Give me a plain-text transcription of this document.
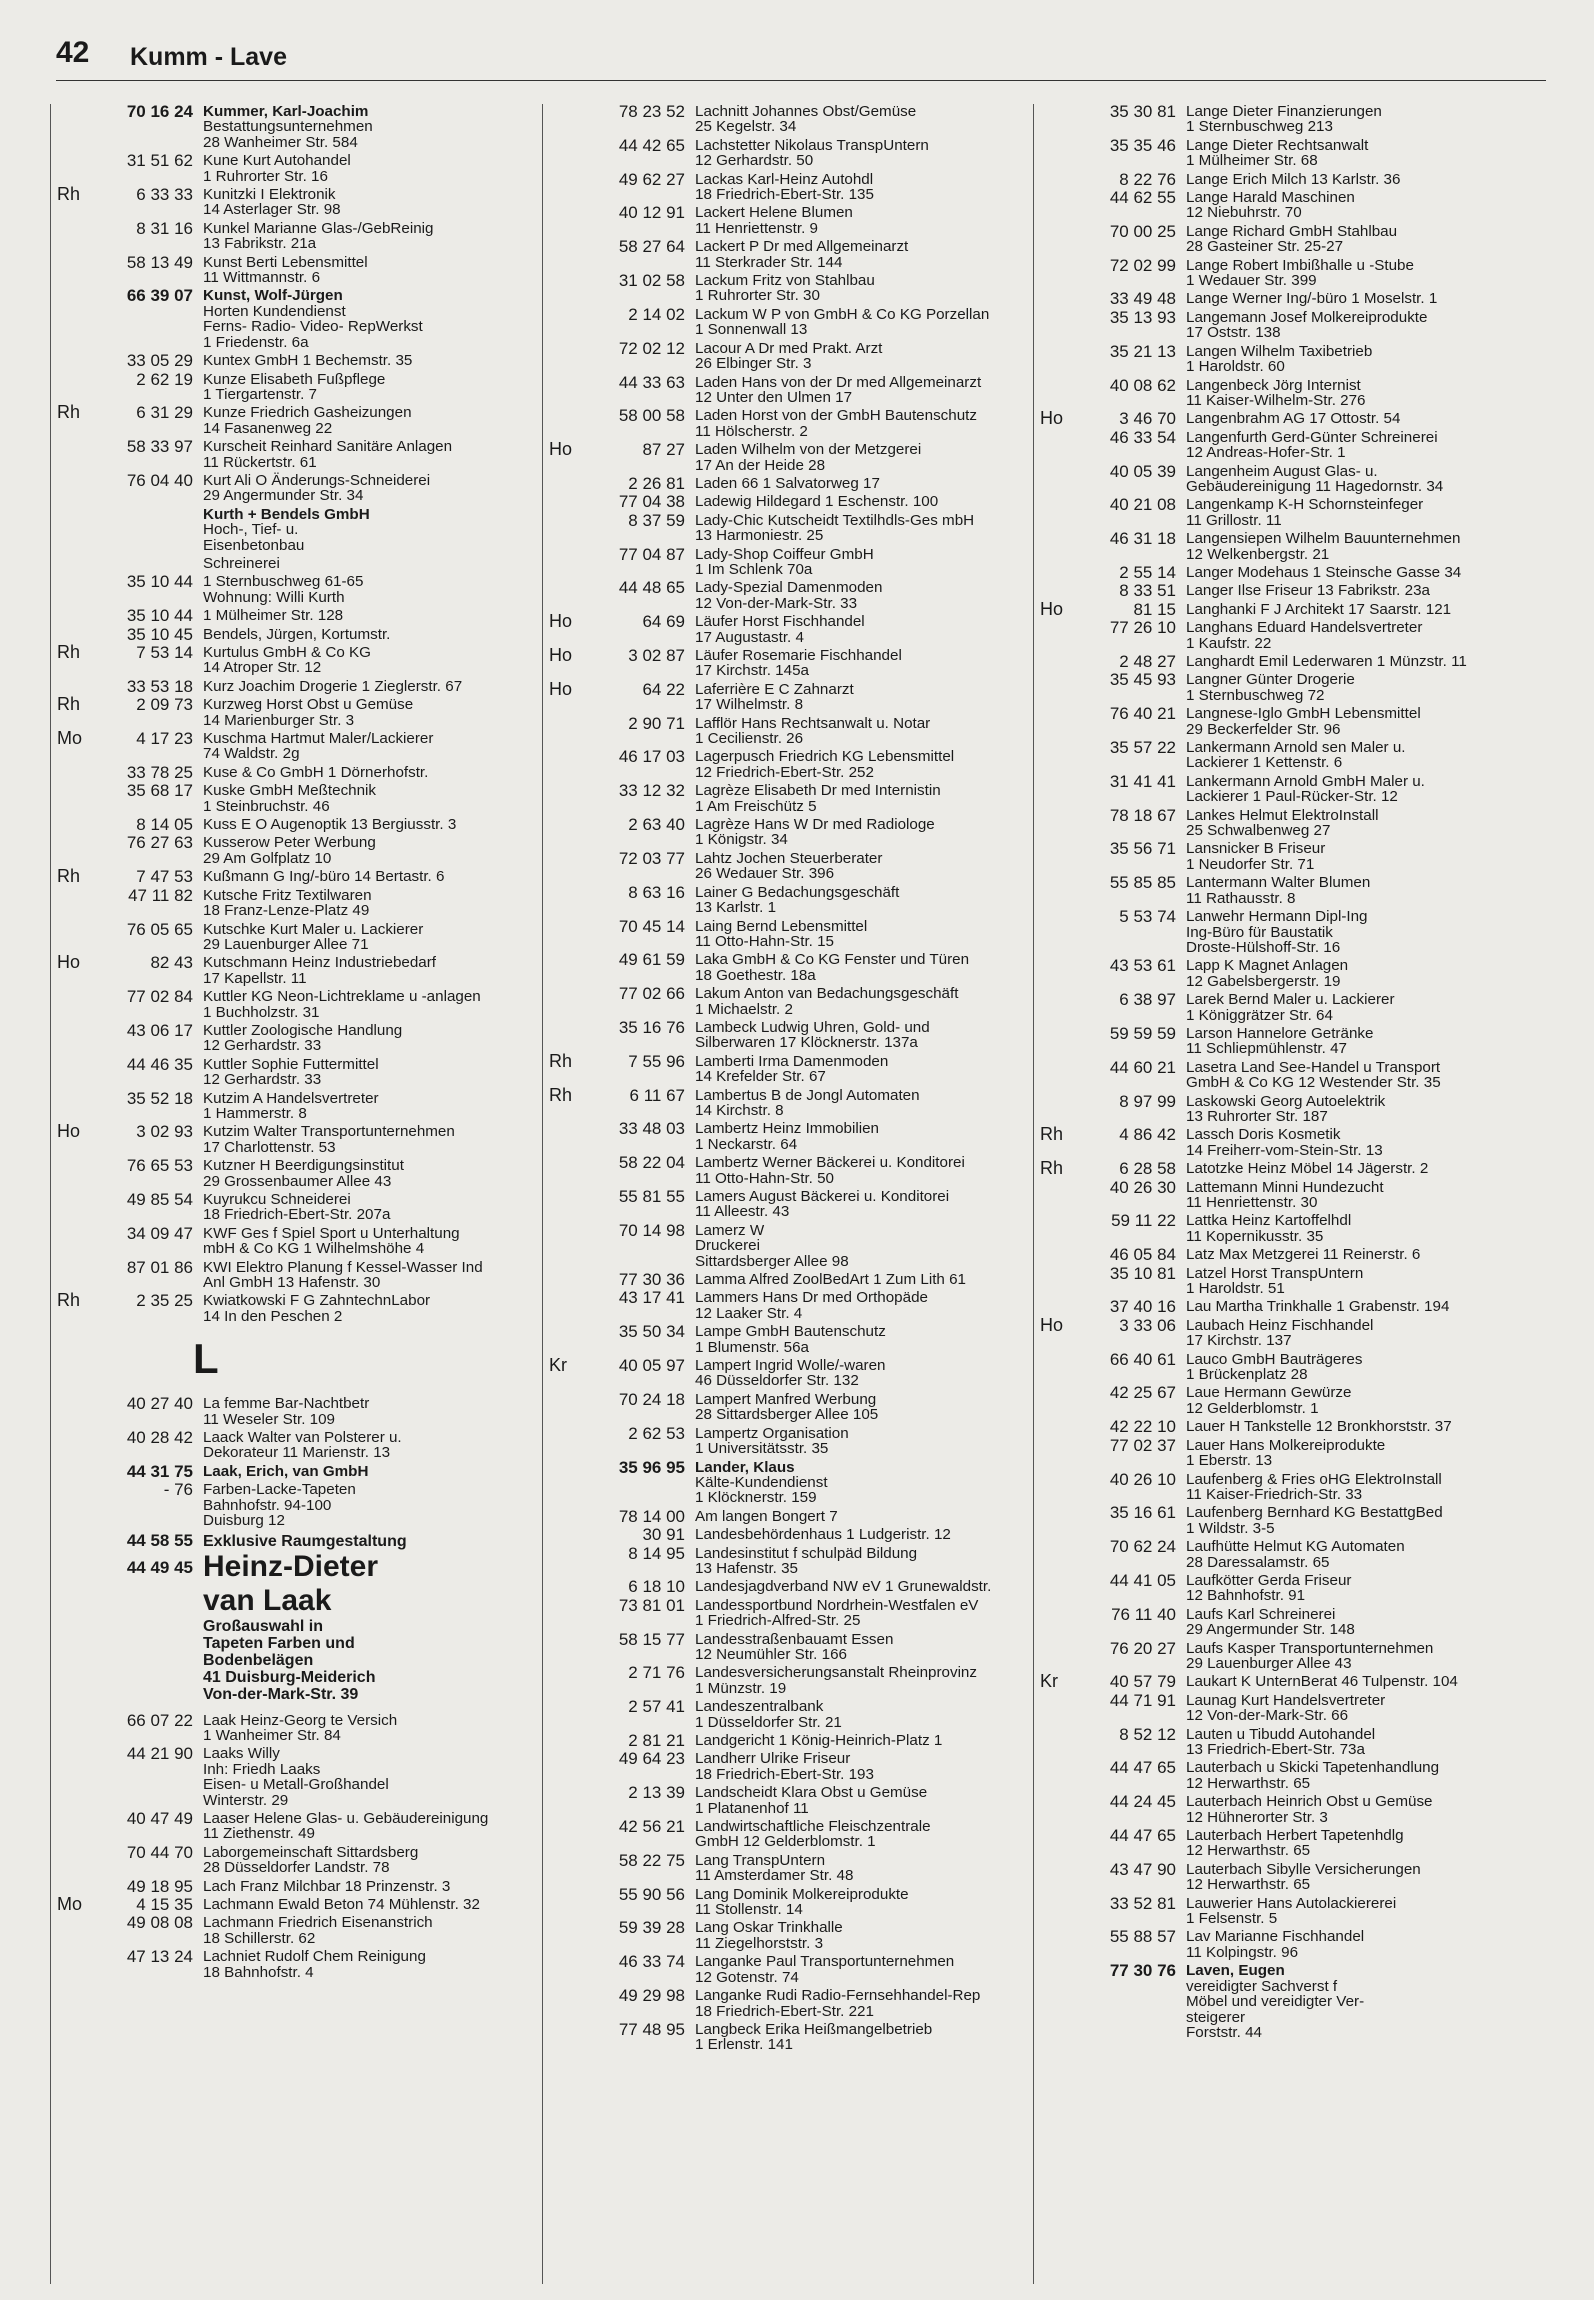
42 Kumm - Lave
70 16 24 Kummer, Karl-Joachim
Bestattungsunternehmen
28 Wanheimer Str. 584
31 51 62 Kune Kurt Autohandel
1 Ruhrorter Str. 16
Rh	6 33 33 Kunitzki I Elektronik
14 Asterlager Str. 98
8 31 16 Kunkel Marianne Glas-/GebReinig
13 Fabrikstr. 21a
58 13 49 Kunst Berti Lebensmittel
11 Wittmannstr. 6
66 39 07 Kunst, Wolf-Jürgen
Horten Kundendienst
Ferns- Radio- Video- RepWerkst
1 Friedenstr. 6a
33 05 29 Kuntex GmbH 1 Bechemstr. 35
2 62 19 Kunze Elisabeth Fußpflege
1 Tiergartenstr. 7
Rh	6 31 29 Kunze Friedrich Gasheizungen
14 Fasanenweg 22
58 33 97 Kurscheit Reinhard Sanitäre Anlagen
11 Rückertstr. 61
76 04 40 Kurt Ali O Änderungs-Schneiderei
29 Angermunder Str. 34
Kurth + Bendels GmbH
Hoch-, Tief- u.
Eisenbetonbau
Schreinerei
35 10 44 1 Sternbuschweg 61-65
Wohnung: Willi Kurth
35 10 44 1 Mülheimer Str. 128
35 10 45 Bendels, Jürgen, Kortumstr.
Rh	7 53 14 Kurtulus GmbH & Co KG
14 Atroper Str. 12
33 53 18 Kurz Joachim Drogerie 1 Zieglerstr. 67
Rh	2 09 73 Kurzweg Horst Obst u Gemüse
14 Marienburger Str. 3
Mo	4 17 23 Kuschma Hartmut Maler/Lackierer
74 Waldstr. 2g
33 78 25 Kuse & Co GmbH 1 Dörnerhofstr.
35 68 17 Kuske GmbH Meßtechnik
1 Steinbruchstr. 46
8 14 05 Kuss E O Augenoptik 13 Bergiusstr. 3
76 27 63 Kusserow Peter Werbung
29 Am Golfplatz 10
Rh	7 47 53 Kußmann G Ing/-büro 14 Bertastr. 6
47 11 82 Kutsche Fritz Textilwaren
18 Franz-Lenze-Platz 49
76 05 65 Kutschke Kurt Maler u. Lackierer
29 Lauenburger Allee 71
Ho	82 43 Kutschmann Heinz Industriebedarf
17 Kapellstr. 11
77 02 84 Kuttler KG Neon-Lichtreklame u -anlagen
1 Buchholzstr. 31
43 06 17 Kuttler Zoologische Handlung
12 Gerhardstr. 33
44 46 35 Kuttler Sophie Futtermittel
12 Gerhardstr. 33
35 52 18 Kutzim A Handelsvertreter
1 Hammerstr. 8
Ho	3 02 93 Kutzim Walter Transportunternehmen
17 Charlottenstr. 53
76 65 53 Kutzner H Beerdigungsinstitut
29 Grossenbaumer Allee 43
49 85 54 Kuyrukcu Schneiderei
18 Friedrich-Ebert-Str. 207a
34 09 47 KWF Ges f Spiel Sport u Unterhaltung
mbH & Co KG 1 Wilhelmshöhe 4
87 01 86 KWI Elektro Planung f Kessel-Wasser Ind
Anl GmbH 13 Hafenstr. 30
Rh	2 35 25 Kwiatkowski F G ZahntechnLabor
14 In den Peschen 2
L
40 27 40 La femme Bar-Nachtbetr
11 Weseler Str. 109
40 28 42 Laack Walter van Polsterer u.
Dekorateur 11 Marienstr. 13
44 31 75 Laak, Erich, van GmbH
- 76 Farben-Lacke-Tapeten
Bahnhofstr. 94-100
Duisburg 12
44 58 55 Exklusive Raumgestaltung
44 49 45 Heinz-Dieter
van Laak
Großauswahl in
Tapeten Farben und
Bodenbelägen
41 Duisburg-Meiderich
Von-der-Mark-Str. 39
66 07 22 Laak Heinz-Georg te Versich
1 Wanheimer Str. 84
44 21 90 Laaks Willy
Inh: Friedh Laaks
Eisen- u Metall-Großhandel
Winterstr. 29
40 47 49 Laaser Helene Glas- u. Gebäudereinigung
11 Ziethenstr. 49
70 44 70 Laborgemeinschaft Sittardsberg
28 Düsseldorfer Landstr. 78
49 18 95 Lach Franz Milchbar 18 Prinzenstr. 3
Mo	4 15 35 Lachmann Ewald Beton 74 Mühlenstr. 32
49 08 08 Lachmann Friedrich Eisenanstrich
18 Schillerstr. 62
47 13 24 Lachniet Rudolf Chem Reinigung
18 Bahnhofstr. 4
78 23 52 Lachnitt Johannes Obst/Gemüse
25 Kegelstr. 34
44 42 65 Lachstetter Nikolaus TranspUntern
12 Gerhardstr. 50
49 62 27 Lackas Karl-Heinz Autohdl
18 Friedrich-Ebert-Str. 135
40 12 91 Lackert Helene Blumen
11 Henriettenstr. 9
58 27 64 Lackert P Dr med Allgemeinarzt
11 Sterkrader Str. 144
31 02 58 Lackum Fritz von Stahlbau
1 Ruhrorter Str. 30
2 14 02 Lackum W P von GmbH & Co KG Porzellan
1 Sonnenwall 13
72 02 12 Lacour A Dr med Prakt. Arzt
26 Elbinger Str. 3
44 33 63 Laden Hans von der Dr med Allgemeinarzt
12 Unter den Ulmen 17
58 00 58 Laden Horst von der GmbH Bautenschutz
11 Hölscherstr. 2
Ho	87 27 Laden Wilhelm von der Metzgerei
17 An der Heide 28
2 26 81 Laden 66 1 Salvatorweg 17
77 04 38 Ladewig Hildegard 1 Eschenstr. 100
8 37 59 Lady-Chic Kutscheidt Textilhdls-Ges mbH
13 Harmoniestr. 25
77 04 87 Lady-Shop Coiffeur GmbH
1 Im Schlenk 70a
44 48 65 Lady-Spezial Damenmoden
12 Von-der-Mark-Str. 33
Ho	64 69 Läufer Horst Fischhandel
17 Augustastr. 4
Ho	3 02 87 Läufer Rosemarie Fischhandel
17 Kirchstr. 145a
Ho	64 22 Laferrière E C Zahnarzt
17 Wilhelmstr. 8
2 90 71 Lafflör Hans Rechtsanwalt u. Notar
1 Cecilienstr. 26
46 17 03 Lagerpusch Friedrich KG Lebensmittel
12 Friedrich-Ebert-Str. 252
33 12 32 Lagrèze Elisabeth Dr med Internistin
1 Am Freischütz 5
2 63 40 Lagrèze Hans W Dr med Radiologe
1 Königstr. 34
72 03 77 Lahtz Jochen Steuerberater
26 Wedauer Str. 396
8 63 16 Lainer G Bedachungsgeschäft
13 Karlstr. 1
70 45 14 Laing Bernd Lebensmittel
11 Otto-Hahn-Str. 15
49 61 59 Laka GmbH & Co KG Fenster und Türen
18 Goethestr. 18a
77 02 66 Lakum Anton van Bedachungsgeschäft
1 Michaelstr. 2
35 16 76 Lambeck Ludwig Uhren, Gold- und
Silberwaren 17 Klöcknerstr. 137a
Rh	7 55 96 Lamberti Irma Damenmoden
14 Krefelder Str. 67
Rh	6 11 67 Lambertus B de Jongl Automaten
14 Kirchstr. 8
33 48 03 Lambertz Heinz Immobilien
1 Neckarstr. 64
58 22 04 Lambertz Werner Bäckerei u. Konditorei
11 Otto-Hahn-Str. 50
55 81 55 Lamers August Bäckerei u. Konditorei
11 Alleestr. 43
70 14 98 Lamerz W
Druckerei
Sittardsberger Allee 98
77 30 36 Lamma Alfred ZoolBedArt 1 Zum Lith 61
43 17 41 Lammers Hans Dr med Orthopäde
12 Laaker Str. 4
35 50 34 Lampe GmbH Bautenschutz
1 Blumenstr. 56a
Kr	40 05 97 Lampert Ingrid Wolle/-waren
46 Düsseldorfer Str. 132
70 24 18 Lampert Manfred Werbung
28 Sittardsberger Allee 105
2 62 53 Lampertz Organisation
1 Universitätsstr. 35
35 96 95 Lander, Klaus
Kälte-Kundendienst
1 Klöcknerstr. 159
78 14 00 Am langen Bongert 7
30 91 Landesbehördenhaus 1 Ludgeristr. 12
8 14 95 Landesinstitut f schulpäd Bildung
13 Hafenstr. 35
6 18 10 Landesjagdverband NW eV 1 Grunewaldstr.
73 81 01 Landessportbund Nordrhein-Westfalen eV
1 Friedrich-Alfred-Str. 25
58 15 77 Landesstraßenbauamt Essen
12 Neumühler Str. 166
2 71 76 Landesversicherungsanstalt Rheinprovinz
1 Münzstr. 19
2 57 41 Landeszentralbank
1 Düsseldorfer Str. 21
2 81 21 Landgericht 1 König-Heinrich-Platz 1
49 64 23 Landherr Ulrike Friseur
18 Friedrich-Ebert-Str. 193
2 13 39 Landscheidt Klara Obst u Gemüse
1 Platanenhof 11
42 56 21 Landwirtschaftliche Fleischzentrale
GmbH 12 Gelderblomstr. 1
58 22 75 Lang TranspUntern
11 Amsterdamer Str. 48
55 90 56 Lang Dominik Molkereiprodukte
11 Stollenstr. 14
59 39 28 Lang Oskar Trinkhalle
11 Ziegelhorststr. 3
46 33 74 Langanke Paul Transportunternehmen
12 Gotenstr. 74
49 29 98 Langanke Rudi Radio-Fernsehhandel-Rep
18 Friedrich-Ebert-Str. 221
77 48 95 Langbeck Erika Heißmangelbetrieb
1 Erlenstr. 141
35 30 81 Lange Dieter Finanzierungen
1 Sternbuschweg 213
35 35 46 Lange Dieter Rechtsanwalt
1 Mülheimer Str. 68
8 22 76 Lange Erich Milch 13 Karlstr. 36
44 62 55 Lange Harald Maschinen
12 Niebuhrstr. 70
70 00 25 Lange Richard GmbH Stahlbau
28 Gasteiner Str. 25-27
72 02 99 Lange Robert Imbißhalle u -Stube
1 Wedauer Str. 399
33 49 48 Lange Werner Ing/-büro 1 Moselstr. 1
35 13 93 Langemann Josef Molkereiprodukte
17 Oststr. 138
35 21 13 Langen Wilhelm Taxibetrieb
1 Haroldstr. 60
40 08 62 Langenbeck Jörg Internist
11 Kaiser-Wilhelm-Str. 276
Ho	3 46 70 Langenbrahm AG 17 Ottostr. 54
46 33 54 Langenfurth Gerd-Günter Schreinerei
12 Andreas-Hofer-Str. 1
40 05 39 Langenheim August Glas- u.
Gebäudereinigung 11 Hagedornstr. 34
40 21 08 Langenkamp K-H Schornsteinfeger
11 Grillostr. 11
46 31 18 Langensiepen Wilhelm Bauunternehmen
12 Welkenbergstr. 21
2 55 14 Langer Modehaus 1 Steinsche Gasse 34
8 33 51 Langer Ilse Friseur 13 Fabrikstr. 23a
Ho	81 15 Langhanki F J Architekt 17 Saarstr. 121
77 26 10 Langhans Eduard Handelsvertreter
1 Kaufstr. 22
2 48 27 Langhardt Emil Lederwaren 1 Münzstr. 11
35 45 93 Langner Günter Drogerie
1 Sternbuschweg 72
76 40 21 Langnese-Iglo GmbH Lebensmittel
29 Beckerfelder Str. 96
35 57 22 Lankermann Arnold sen Maler u.
Lackierer 1 Kettenstr. 6
31 41 41 Lankermann Arnold GmbH Maler u.
Lackierer 1 Paul-Rücker-Str. 12
78 18 67 Lankes Helmut ElektroInstall
25 Schwalbenweg 27
35 56 71 Lansnicker B Friseur
1 Neudorfer Str. 71
55 85 85 Lantermann Walter Blumen
11 Rathausstr. 8
5 53 74 Lanwehr Hermann Dipl-Ing
Ing-Büro für Baustatik
Droste-Hülshoff-Str. 16
43 53 61 Lapp K Magnet Anlagen
12 Gabelsbergerstr. 19
6 38 97 Larek Bernd Maler u. Lackierer
1 Königgrätzer Str. 64
59 59 59 Larson Hannelore Getränke
11 Schliepmühlenstr. 47
44 60 21 Lasetra Land See-Handel u Transport
GmbH & Co KG 12 Westender Str. 35
8 97 99 Laskowski Georg Autoelektrik
13 Ruhrorter Str. 187
Rh	4 86 42 Lassch Doris Kosmetik
14 Freiherr-vom-Stein-Str. 13
Rh	6 28 58 Latotzke Heinz Möbel 14 Jägerstr. 2
40 26 30 Lattemann Minni Hundezucht
11 Henriettenstr. 30
59 11 22 Lattka Heinz Kartoffelhdl
11 Kopernikusstr. 35
46 05 84 Latz Max Metzgerei 11 Reinerstr. 6
35 10 81 Latzel Horst TranspUntern
1 Haroldstr. 51
37 40 16 Lau Martha Trinkhalle 1 Grabenstr. 194
Ho	3 33 06 Laubach Heinz Fischhandel
17 Kirchstr. 137
66 40 61 Lauco GmbH Bauträgeres
1 Brückenplatz 28
42 25 67 Laue Hermann Gewürze
12 Gelderblomstr. 1
42 22 10 Lauer H Tankstelle 12 Bronkhorststr. 37
77 02 37 Lauer Hans Molkereiprodukte
1 Eberstr. 13
40 26 10 Laufenberg & Fries oHG ElektroInstall
11 Kaiser-Friedrich-Str. 33
35 16 61 Laufenberg Bernhard KG BestattgBed
1 Wildstr. 3-5
70 62 24 Laufhütte Helmut KG Automaten
28 Daressalamstr. 65
44 41 05 Laufkötter Gerda Friseur
12 Bahnhofstr. 91
76 11 40 Laufs Karl Schreinerei
29 Angermunder Str. 148
76 20 27 Laufs Kasper Transportunternehmen
29 Lauenburger Allee 43
Kr	40 57 79 Laukart K UnternBerat 46 Tulpenstr. 104
44 71 91 Launag Kurt Handelsvertreter
12 Von-der-Mark-Str. 66
8 52 12 Lauten u Tibudd Autohandel
13 Friedrich-Ebert-Str. 73a
44 47 65 Lauterbach u Skicki Tapetenhandlung
12 Herwarthstr. 65
44 24 45 Lauterbach Heinrich Obst u Gemüse
12 Hühnerorter Str. 3
44 47 65 Lauterbach Herbert Tapetenhdlg
12 Herwarthstr. 65
43 47 90 Lauterbach Sibylle Versicherungen
12 Herwarthstr. 65
33 52 81 Lauwerier Hans Autolackiererei
1 Felsenstr. 5
55 88 57 Lav Marianne Fischhandel
11 Kolpingstr. 96
77 30 76 Laven, Eugen
vereidigter Sachverst f
Möbel und vereidigter Ver-
steigerer
Forststr. 44
